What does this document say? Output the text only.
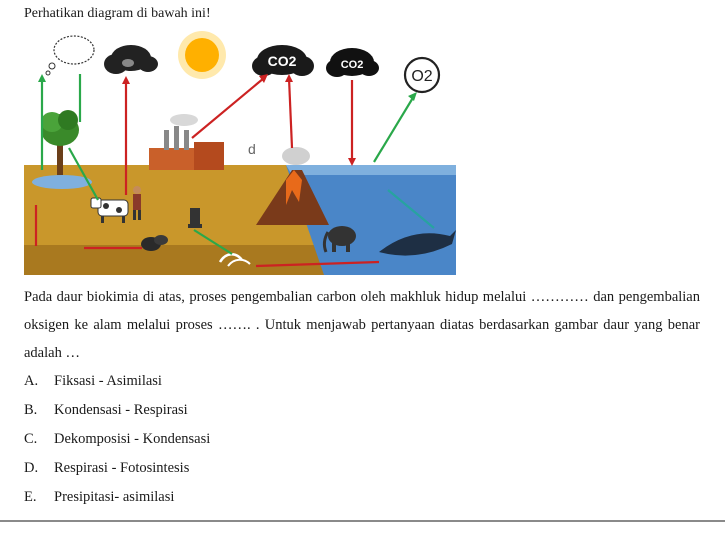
Perhatikan diagram di bawah ini!
CO2	CO2
O2
d
Pada daur biokimia di atas, proses pengembalian carbon oleh makhluk hidup melalui ………… dan pengembalian oksigen ke alam melalui proses ……. . Untuk menjawab pertanyaan diatas berdasarkan gambar daur yang benar adalah …
A. Fiksasi - Asimilasi
B. Kondensasi - Respirasi
C. Dekomposisi - Kondensasi
D. Respirasi - Fotosintesis
E. Presipitasi- asimilasi
